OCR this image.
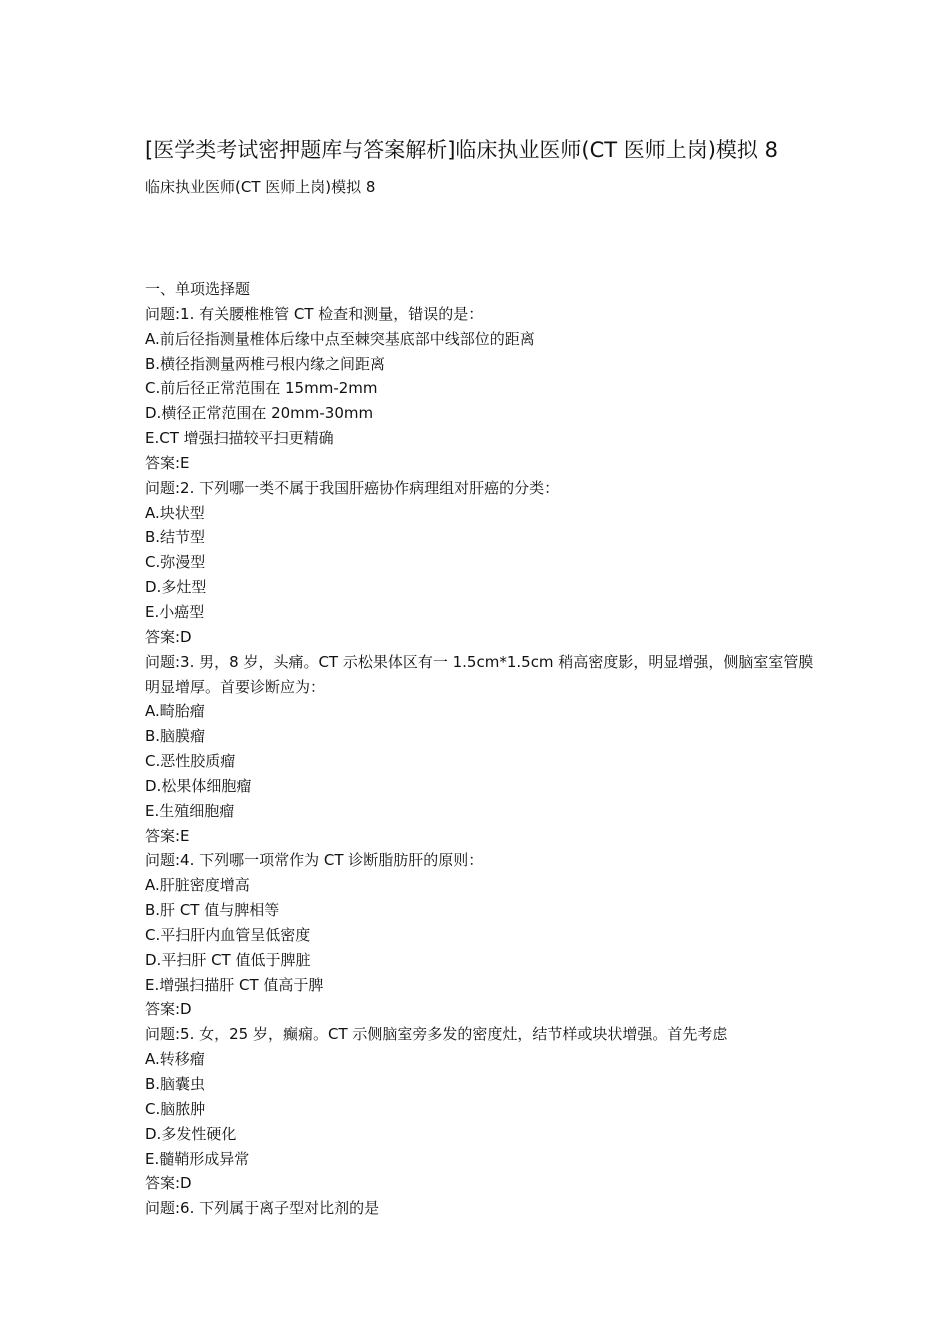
[医学类考试密押题库与答案解析]临床执业医师(CT 医师上岗)模拟 8

临床执业医师(CT 医师上岗)模拟 8

一、单项选择题

问题:1. 有关腰椎椎管 CT 检查和测量，错误的是：

A.前后径指测量椎体后缘中点至棘突基底部中线部位的距离

B.横径指测量两椎弓根内缘之间距离

C.前后径正常范围在 15mm-2mm

D.横径正常范围在 20mm-30mm

E.CT 增强扫描较平扫更精确

答案:E

问题:2. 下列哪一类不属于我国肝癌协作病理组对肝癌的分类：

A.块状型

B.结节型

C.弥漫型

D.多灶型

E.小癌型

答案:D

问题:3. 男，8 岁，头痛。CT 示松果体区有一 1.5cm*1.5cm 稍高密度影，明显增强，侧脑室室管膜明显增厚。首要诊断应为：

A.畸胎瘤

B.脑膜瘤

C.恶性胶质瘤

D.松果体细胞瘤

E.生殖细胞瘤

答案:E

问题:4. 下列哪一项常作为 CT 诊断脂肪肝的原则：

A.肝脏密度增高

B.肝 CT 值与脾相等

C.平扫肝内血管呈低密度

D.平扫肝 CT 值低于脾脏

E.增强扫描肝 CT 值高于脾

答案:D

问题:5. 女，25 岁，癫痫。CT 示侧脑室旁多发的密度灶，结节样或块状增强。首先考虑

A.转移瘤

B.脑囊虫

C.脑脓肿

D.多发性硬化

E.髓鞘形成异常

答案:D

问题:6. 下列属于离子型对比剂的是
